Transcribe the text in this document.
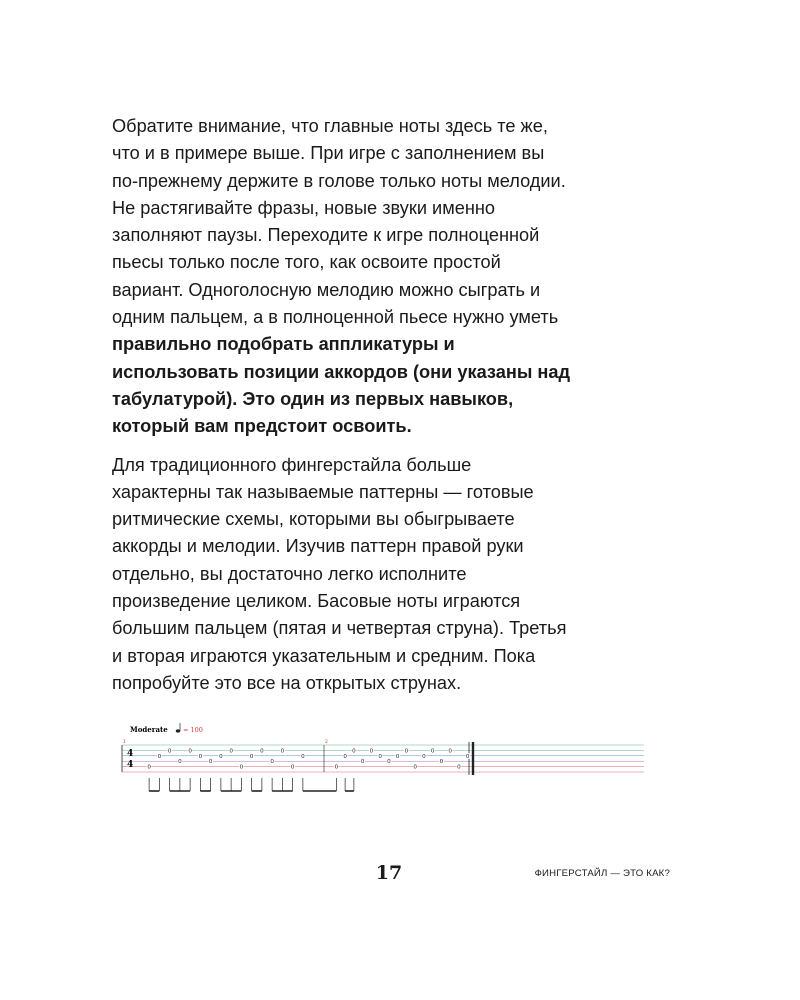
Обратите внимание, что главные ноты здесь те же, что и в примере выше. При игре с заполнением вы по-прежнему держите в голове только ноты мелодии. Не растягивайте фразы, новые звуки именно заполняют паузы. Переходите к игре полноценной пьесы только после того, как освоите простой вариант. Одноголосную мелодию можно сыграть и одним пальцем, а в полноценной пьесе нужно уметь правильно подобрать аппликатуры и использовать позиции аккордов (они указаны над табулатурой). Это один из первых навыков, который вам предстоит освоить.

Для традиционного фингерстайла больше характерны так называемые паттерны — готовые ритмические схемы, которыми вы обыгрываете аккорды и мелодии. Изучив паттерн правой руки отдельно, вы достаточно легко исполните произведение целиком. Басовые ноты играются большим пальцем (пятая и четвертая струна). Третья и вторая играются указательным и средним. Пока попробуйте это все на открытых струнах.

Moderate = 100
4
4
1	2
0
0
0
0
0
0
0
0
0
0
0
0
0
0
0
0
0
0
0
0
0
0
0
0
0
0
0
0
0
0
0
0
17	ФИНГЕРСТАЙЛ — ЭТО КАК?
